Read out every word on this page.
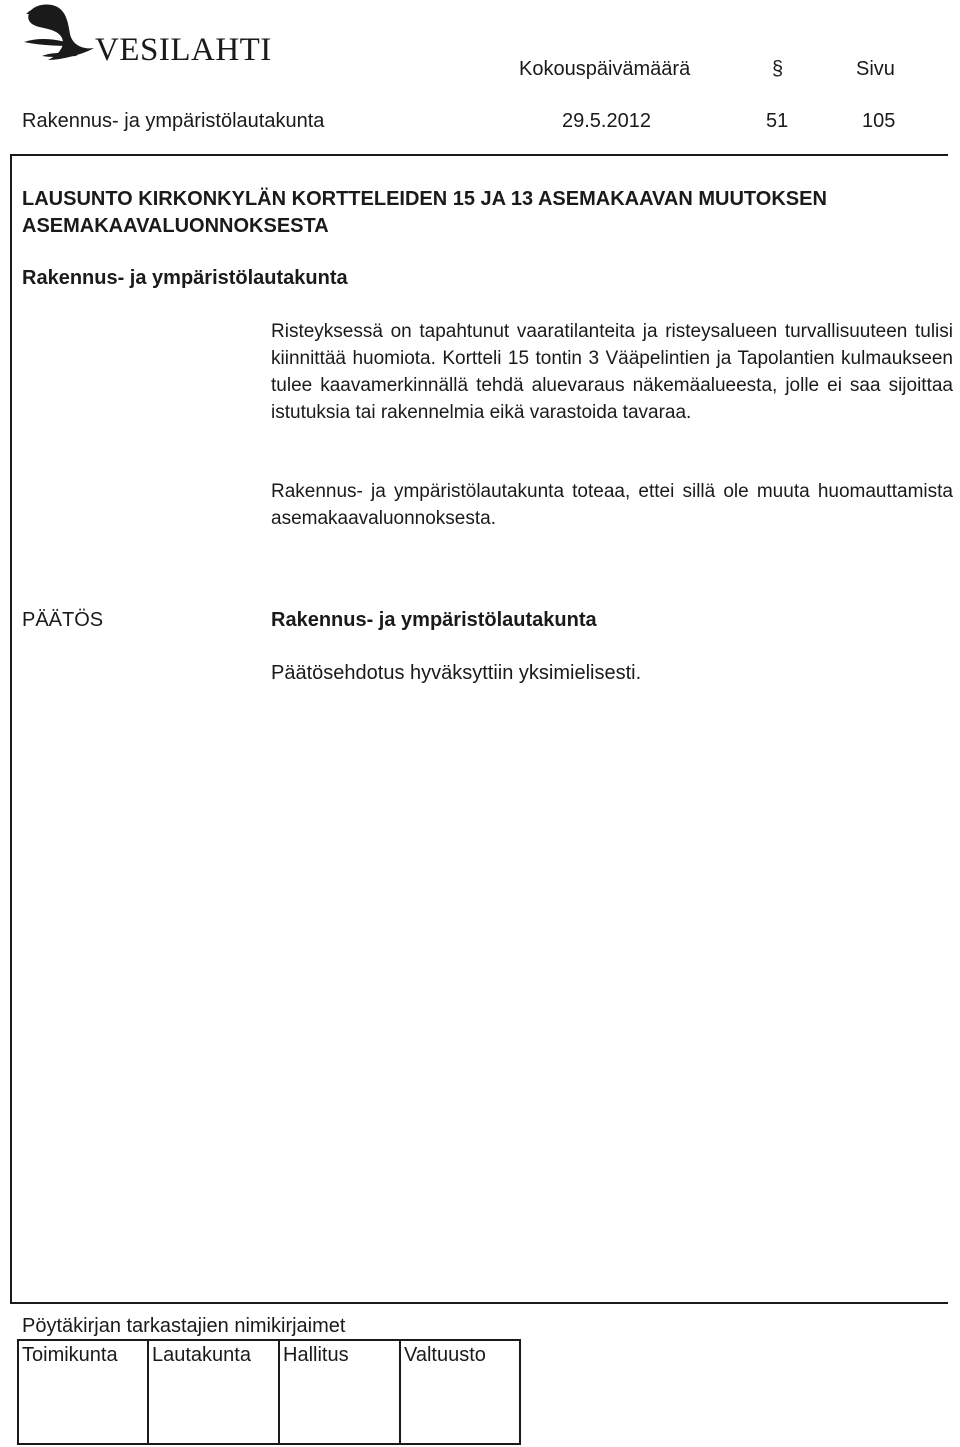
VESILAHTI
Kokouspäivämäärä	§	Sivu
Rakennus- ja ympäristölautakunta	29.5.2012	51	105
LAUSUNTO KIRKONKYLÄN KORTTELEIDEN 15 JA 13 ASEMAKAAVAN MUUTOKSEN ASEMAKAAVALUONNOKSESTA
Rakennus- ja ympäristölautakunta
Risteyksessä on tapahtunut vaaratilanteita ja risteysalueen turvallisuuteen tulisi kiinnittää huomiota. Kortteli 15 tontin 3 Vääpelintien ja Tapolantien kulmaukseen tulee kaavamerkinnällä tehdä aluevaraus näkemäalueesta, jolle ei saa sijoittaa istutuksia tai rakennelmia eikä varastoida tavaraa.
Rakennus- ja ympäristölautakunta toteaa, ettei sillä ole muuta huomauttamista asemakaavaluonnoksesta.
PÄÄTÖS	Rakennus- ja ympäristölautakunta
Päätösehdotus hyväksyttiin yksimielisesti.
Pöytäkirjan tarkastajien nimikirjaimet
Toimikunta	Lautakunta	Hallitus	Valtuusto
